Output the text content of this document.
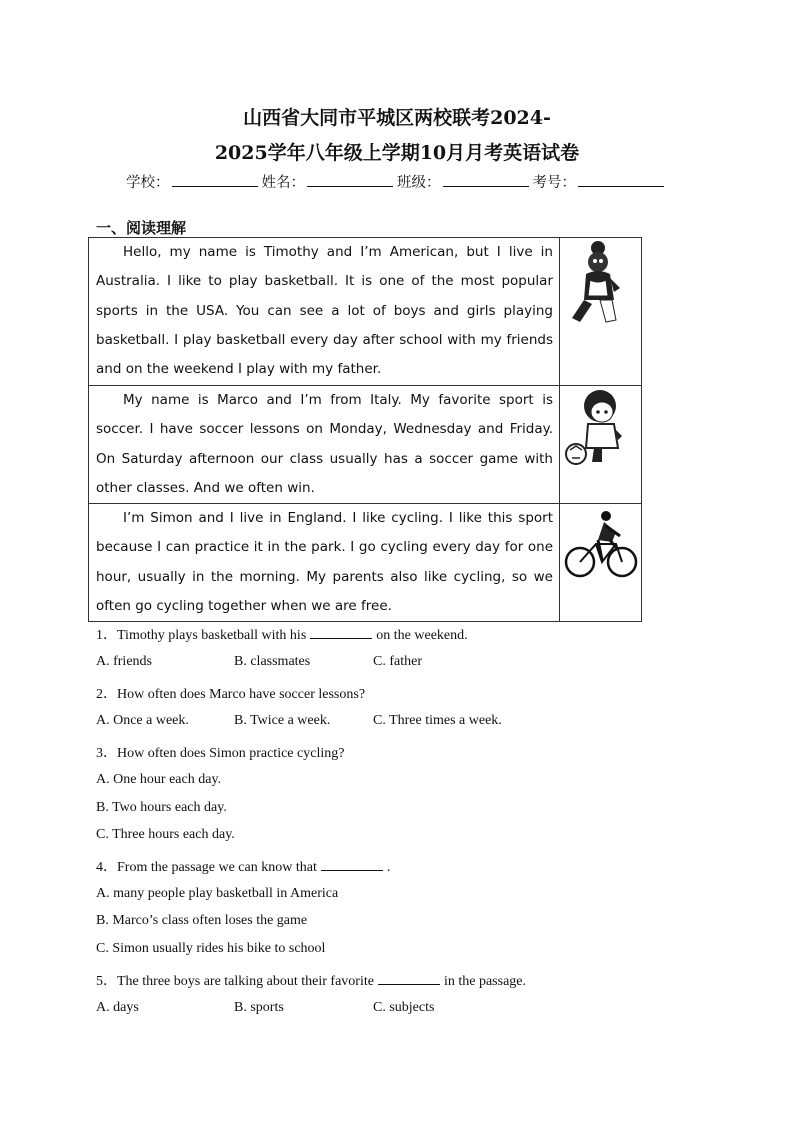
山西省大同市平城区两校联考2024-
2025学年八年级上学期10月月考英语试卷
学校：	姓名：	班级：	考号：
一、阅读理解
Hello, my name is Timothy and I’m American, but I live in Australia. I like to play basketball. It is one of the most popular sports in the USA. You can see a lot of boys and girls playing basketball. I play basketball every day after school with my friends and on the weekend I play with my father.

My name is Marco and I’m from Italy. My favorite sport is soccer. I have soccer lessons on Monday, Wednesday and Friday. On Saturday afternoon our class usually has a soccer game with other classes. And we often win.

I’m Simon and I live in England. I like cycling. I like this sport because I can practice it in the park. I go cycling every day for one hour, usually in the morning. My parents also like cycling, so we often go cycling together when we are free.

1．Timothy plays basketball with his	on the weekend.
A. friends	B. classmates	C. father
2．How often does Marco have soccer lessons?
A. Once a week.	B. Twice a week.	C. Three times a week.
3．How often does Simon practice cycling?
A. One hour each day.
B. Two hours each day.
C. Three hours each day.
4．From the passage we can know that	.
A. many people play basketball in America
B. Marco’s class often loses the game
C. Simon usually rides his bike to school
5．The three boys are talking about their favorite	in the passage.
A. days	B. sports	C. subjects
